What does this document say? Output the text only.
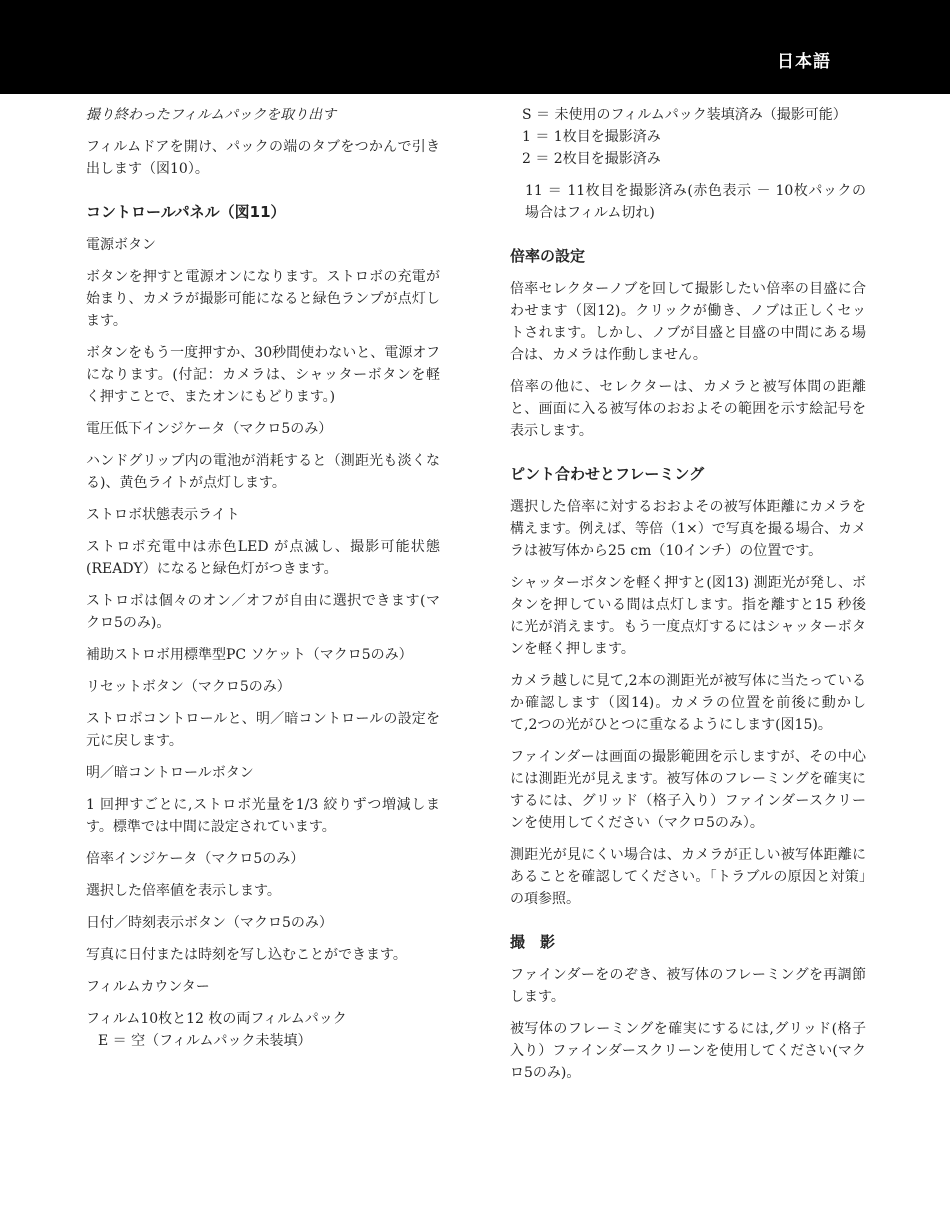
日本語

撮り終わったフィルムパックを取り出す

フィルムドアを開け、パックの端のタブをつかんで引き出します（図10）。

コントロールパネル（図11）

電源ボタン

ボタンを押すと電源オンになります。ストロボの充電が始まり、カメラが撮影可能になると緑色ランプが点灯します。

ボタンをもう一度押すか、30秒間使わないと、電源オフになります。(付記：カメラは、シャッターボタンを軽く押すことで、またオンにもどります。)

電圧低下インジケータ（マクロ5のみ）

ハンドグリップ内の電池が消耗すると（測距光も淡くなる)、黄色ライトが点灯します。

ストロボ状態表示ライト

ストロボ充電中は赤色LED が点滅し、撮影可能状態(READY）になると緑色灯がつきます。

ストロボは個々のオン／オフが自由に選択できます(マクロ5のみ)。

補助ストロボ用標準型PC ソケット（マクロ5のみ）

リセットボタン（マクロ5のみ）

ストロボコントロールと、明／暗コントロールの設定を元に戻します。

明／暗コントロールボタン

1 回押すごとに,ストロボ光量を1/3 絞りずつ増減します。標準では中間に設定されています。

倍率インジケータ（マクロ5のみ）

選択した倍率値を表示します。

日付／時刻表示ボタン（マクロ5のみ）

写真に日付または時刻を写し込むことができます。

フィルムカウンター

フィルム10枚と12 枚の両フィルムパック

E ＝ 空（フィルムパック未装填）

S ＝ 未使用のフィルムパック装填済み（撮影可能）

1 ＝ 1枚目を撮影済み

2 ＝ 2枚目を撮影済み

11 ＝ 11枚目を撮影済み(赤色表示 － 10枚パックの場合はフィルム切れ)

倍率の設定

倍率セレクターノブを回して撮影したい倍率の目盛に合わせます（図12)。クリックが働き、ノブは正しくセットされます。しかし、ノブが目盛と目盛の中間にある場合は、カメラは作動しません。

倍率の他に、セレクターは、カメラと被写体間の距離と、画面に入る被写体のおおよその範囲を示す絵記号を表示します。

ピント合わせとフレーミング

選択した倍率に対するおおよその被写体距離にカメラを構えます。例えば、等倍（1×）で写真を撮る場合、カメラは被写体から25 cm（10インチ）の位置です。

シャッターボタンを軽く押すと(図13) 測距光が発し、ボタンを押している間は点灯します。指を離すと15 秒後に光が消えます。もう一度点灯するにはシャッターボタンを軽く押します。

カメラ越しに見て,2本の測距光が被写体に当たっているか確認します（図14)。カメラの位置を前後に動かして,2つの光がひとつに重なるようにします(図15)。

ファインダーは画面の撮影範囲を示しますが、その中心には測距光が見えます。被写体のフレーミングを確実にするには、グリッド（格子入り）ファインダースクリーンを使用してください（マクロ5のみ）。

測距光が見にくい場合は、カメラが正しい被写体距離にあることを確認してください。「トラブルの原因と対策」の項参照。

撮　影

ファインダーをのぞき、被写体のフレーミングを再調節します。

被写体のフレーミングを確実にするには,グリッド(格子入り）ファインダースクリーンを使用してください(マクロ5のみ)。
